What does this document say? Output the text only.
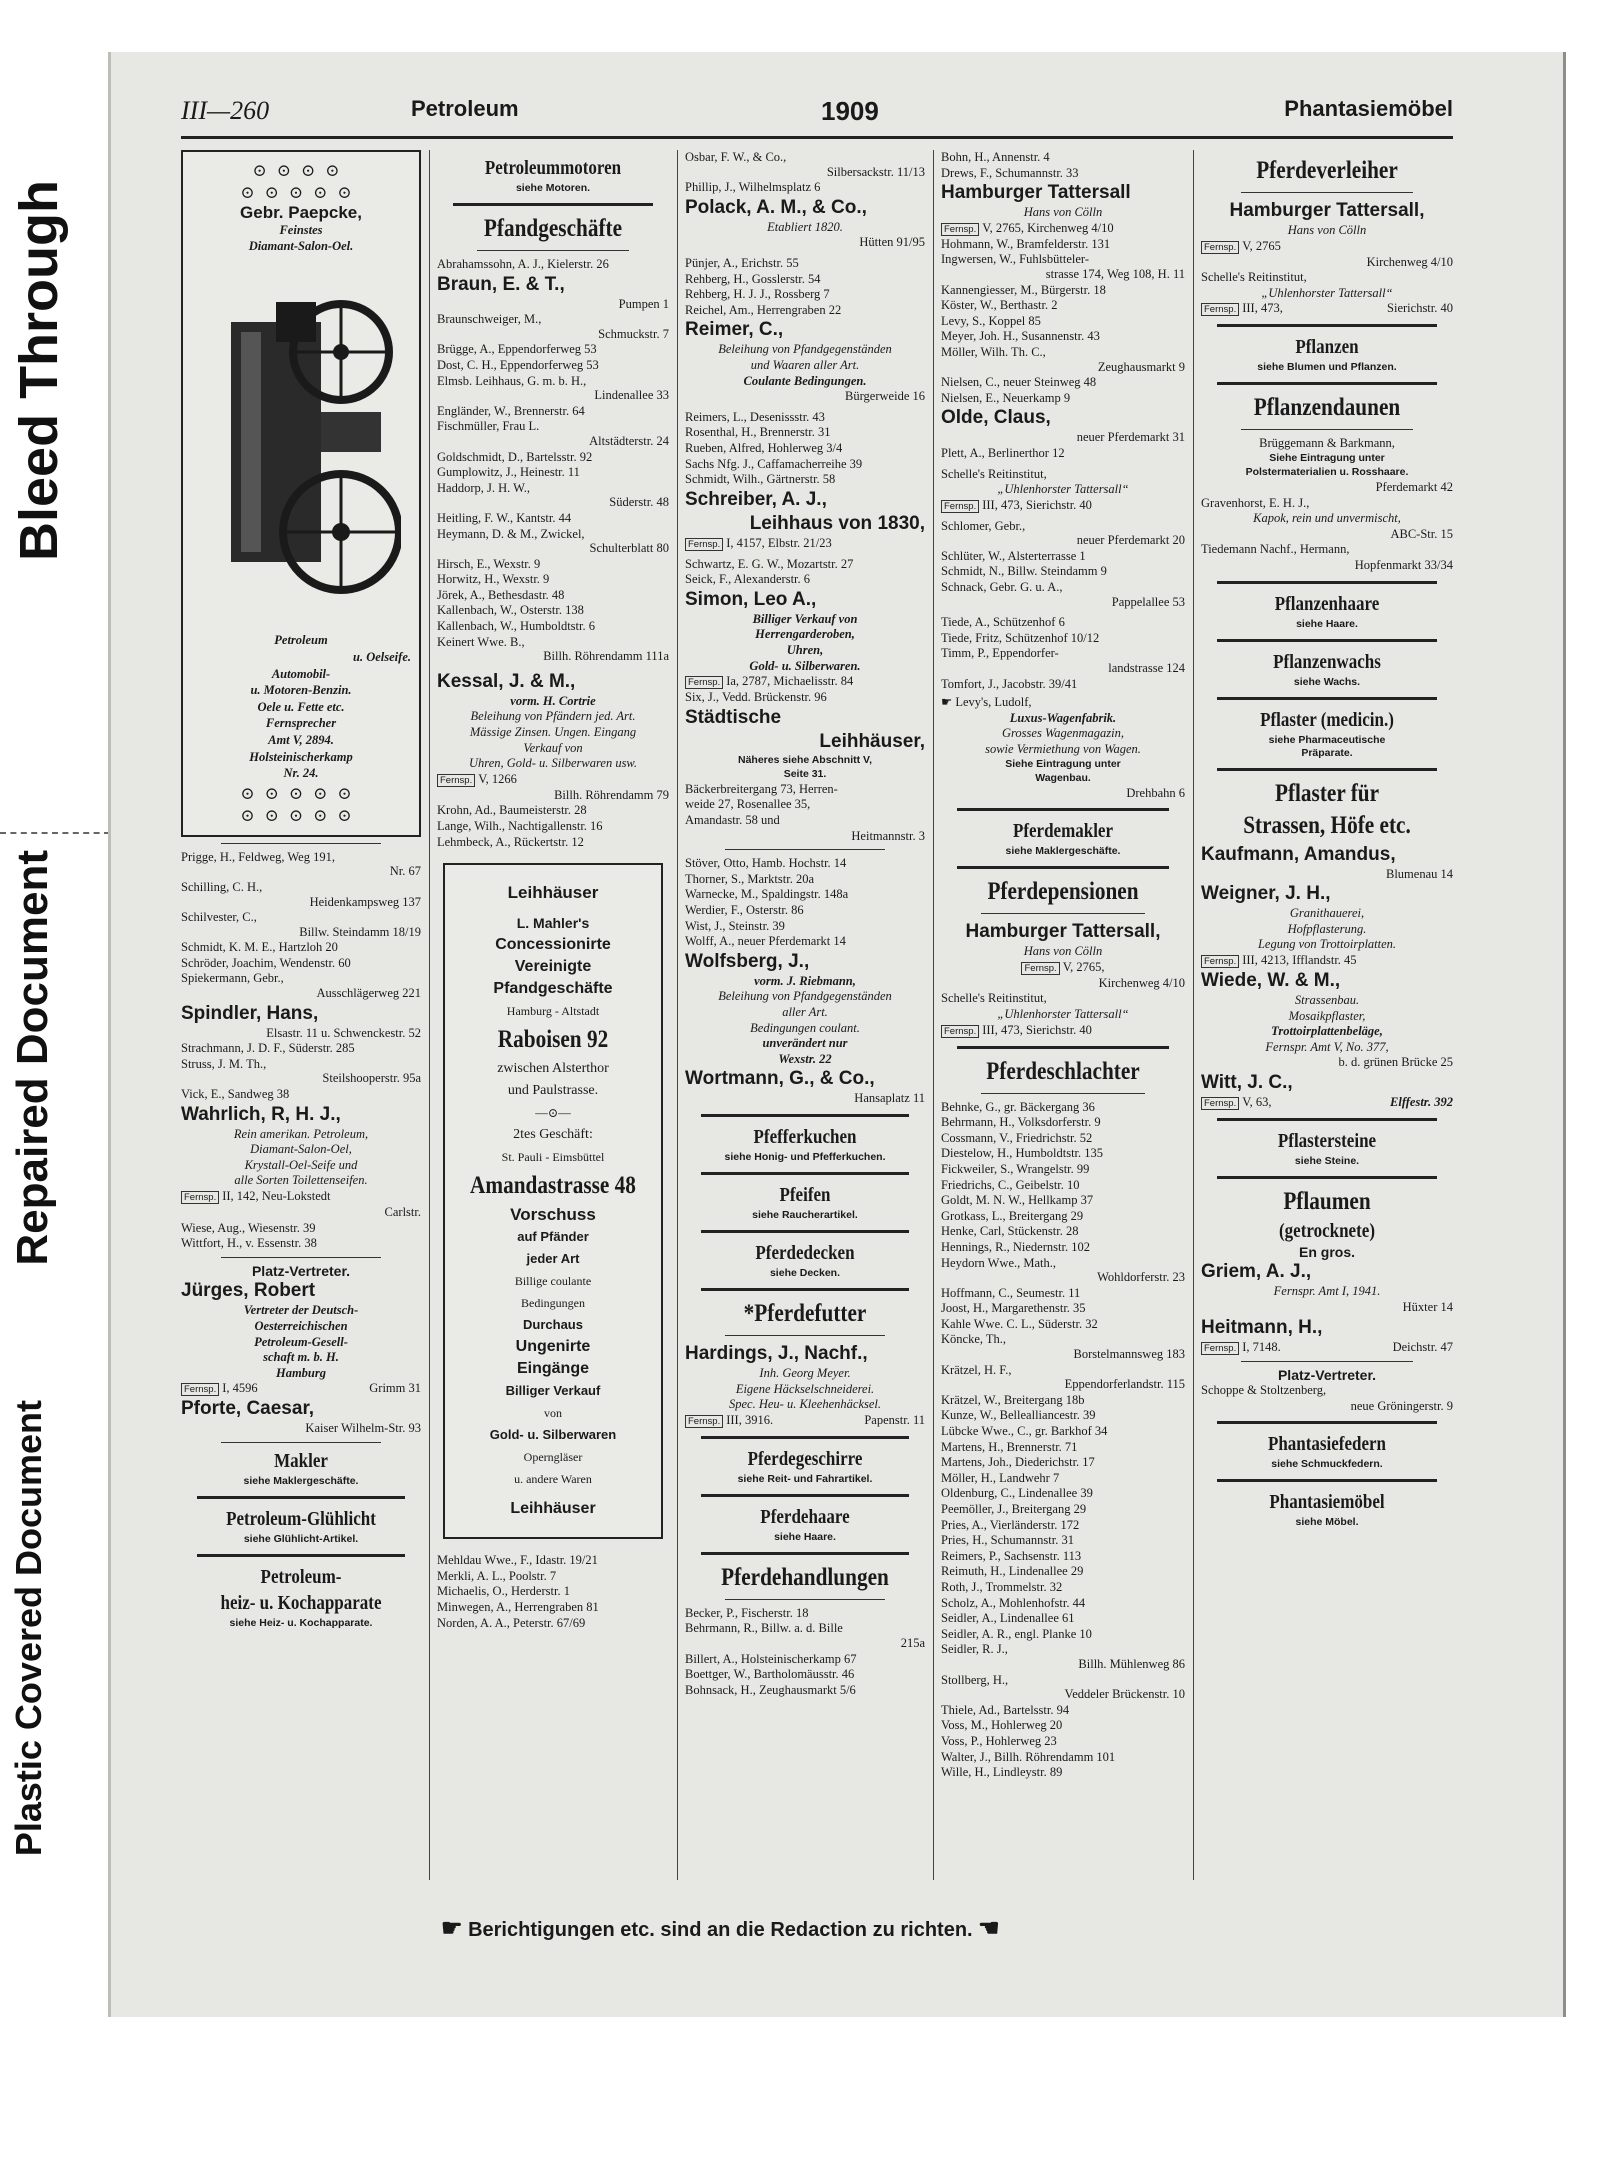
Bleed Through
Repaired Document
Plastic Covered Document
III—260	Petroleum	1909	Phantasiemöbel
⊙⊙⊙⊙
⊙⊙⊙⊙⊙

Gebr. Paepcke,

Feinstes

Diamant-Salon-Oel.

Petroleum

u. Oelseife.

Automobil-

u. Motoren-Benzin.

Oele u. Fette etc.

Fernsprecher

Amt V, 2894.

Holsteinischerkamp

Nr. 24.

⊙⊙⊙⊙⊙
⊙⊙⊙⊙⊙
Prigge, H., Feldweg, Weg 191,
Nr. 67
Schilling, C. H.,
Heidenkampsweg 137
Schilvester, C.,
Billw. Steindamm 18/19
Schmidt, K. M. E., Hartzloh 20
Schröder, Joachim, Wendenstr. 60
Spiekermann, Gebr.,
Ausschlägerweg 221
Spindler, Hans,
Elsastr. 11 u. Schwenckestr. 52
Strachmann, J. D. F., Süderstr. 285
Struss, J. M. Th.,
Steilshooperstr. 95a
Vick, E., Sandweg 38
Wahrlich, R, H. J.,
Rein amerikan. Petroleum,
Diamant-Salon-Oel,
Krystall-Oel-Seife und
alle Sorten Toilettenseifen.
Fernsp. II, 142, Neu-Lokstedt
Carlstr.
Wiese, Aug., Wiesenstr. 39
Wittfort, H., v. Essenstr. 38
Platz-Vertreter.
Jürges, Robert
Vertreter der Deutsch-
Oesterreichischen
Petroleum-Gesell-
schaft m. b. H.
Hamburg
Fernsp. I, 4596	Grimm 31
Pforte, Caesar,
Kaiser Wilhelm-Str. 93
Makler
siehe Maklergeschäfte.
Petroleum-Glühlicht
siehe Glühlicht-Artikel.
Petroleum-
heiz- u. Kochapparate
siehe Heiz- u. Kochapparate.
Petroleummotoren
siehe Motoren.
Pfandgeschäfte
Abrahamssohn, A. J., Kielerstr. 26
Braun, E. & T.,
Pumpen 1
Braunschweiger, M.,
Schmuckstr. 7
Brügge, A., Eppendorferweg 53
Dost, C. H., Eppendorferweg 53
Elmsb. Leihhaus, G. m. b. H.,
Lindenallee 33
Engländer, W., Brennerstr. 64
Fischmüller, Frau L.
Altstädterstr. 24
Goldschmidt, D., Bartelsstr. 92
Gumplowitz, J., Heinestr. 11
Haddorp, J. H. W.,
Süderstr. 48
Heitling, F. W., Kantstr. 44
Heymann, D. & M., Zwickel,
Schulterblatt 80
Hirsch, E., Wexstr. 9
Horwitz, H., Wexstr. 9
Jörek, A., Bethesdastr. 48
Kallenbach, W., Osterstr. 138
Kallenbach, W., Humboldtstr. 6
Keinert Wwe. B.,
Billh. Röhrendamm 111a
Kessal, J. & M.,
vorm. H. Cortrie
Beleihung von Pfändern jed. Art.
Mässige Zinsen. Ungen. Eingang
Verkauf von
Uhren, Gold- u. Silberwaren usw.
Fernsp. V, 1266
Billh. Röhrendamm 79
Krohn, Ad., Baumeisterstr. 28
Lange, Wilh., Nachtigallenstr. 16
Lehmbeck, A., Rückertstr. 12

Leihhäuser

L. Mahler's

Concessionirte

Vereinigte

Pfandgeschäfte

Hamburg - Altstadt

Raboisen 92

zwischen Alsterthor

und Paulstrasse.

—⊙—

2tes Geschäft:

St. Pauli - Eimsbüttel

Amandastrasse 48

Vorschuss

auf Pfänder

jeder Art

Billige coulante

Bedingungen

Durchaus

Ungenirte

Eingänge

Billiger Verkauf

von

Gold- u. Silberwaren

Operngläser

u. andere Waren

Leihhäuser

Mehldau Wwe., F., Idastr. 19/21
Merkli, A. L., Poolstr. 7
Michaelis, O., Herderstr. 1
Minwegen, A., Herrengraben 81
Norden, A. A., Peterstr. 67/69
Osbar, F. W., & Co.,
Silbersackstr. 11/13
Phillip, J., Wilhelmsplatz 6
Polack, A. M., & Co.,
Etabliert 1820.
Hütten 91/95
Pünjer, A., Erichstr. 55
Rehberg, H., Gosslerstr. 54
Rehberg, H. J. J., Rossberg 7
Reichel, Am., Herrengraben 22
Reimer, C.,
Beleihung von Pfandgegenständen
und Waaren aller Art.
Coulante Bedingungen.
Bürgerweide 16
Reimers, L., Desenissstr. 43
Rosenthal, H., Brennerstr. 31
Rueben, Alfred, Hohlerweg 3/4
Sachs Nfg. J., Caffamacherreihe 39
Schmidt, Wilh., Gärtnerstr. 58
Schreiber, A. J.,
Leihhaus von 1830,
Fernsp. I, 4157, Elbstr. 21/23
Schwartz, E. G. W., Mozartstr. 27
Seick, F., Alexanderstr. 6
Simon, Leo A.,
Billiger Verkauf von
Herrengarderoben,
Uhren,
Gold- u. Silberwaren.
Fernsp. Ia, 2787, Michaelisstr. 84
Six, J., Vedd. Brückenstr. 96
Städtische
Leihhäuser,
Näheres siehe Abschnitt V,
Seite 31.
Bäckerbreitergang 73, Herren-
weide 27, Rosenallee 35,
Amandastr. 58 und
Heitmannstr. 3
Stöver, Otto, Hamb. Hochstr. 14
Thorner, S., Marktstr. 20a
Warnecke, M., Spaldingstr. 148a
Werdier, F., Osterstr. 86
Wist, J., Steinstr. 39
Wolff, A., neuer Pferdemarkt 14
Wolfsberg, J.,
vorm. J. Riebmann,
Beleihung von Pfandgegenständen
aller Art.
Bedingungen coulant.
unverändert nur
Wexstr. 22
Wortmann, G., & Co.,
Hansaplatz 11
Pfefferkuchen
siehe Honig- und Pfefferkuchen.
Pfeifen
siehe Raucherartikel.
Pferdedecken
siehe Decken.
*Pferdefutter
Hardings, J., Nachf.,
Inh. Georg Meyer.
Eigene Häckselschneiderei.
Spec. Heu- u. Kleehenhäcksel.
Fernsp. III, 3916.	Papenstr. 11
Pferdegeschirre
siehe Reit- und Fahrartikel.
Pferdehaare
siehe Haare.
Pferdehandlungen
Becker, P., Fischerstr. 18
Behrmann, R., Billw. a. d. Bille
215a
Billert, A., Holsteinischerkamp 67
Boettger, W., Bartholomäusstr. 46
Bohnsack, H., Zeughausmarkt 5/6
Bohn, H., Annenstr. 4
Drews, F., Schumannstr. 33
Hamburger Tattersall
Hans von Cölln
Fernsp. V, 2765, Kirchenweg 4/10
Hohmann, W., Bramfelderstr. 131
Ingwersen, W., Fuhlsbütteler-
strasse 174, Weg 108, H. 11
Kannengiesser, M., Bürgerstr. 18
Köster, W., Berthastr. 2
Levy, S., Koppel 85
Meyer, Joh. H., Susannenstr. 43
Möller, Wilh. Th. C.,
Zeughausmarkt 9
Nielsen, C., neuer Steinweg 48
Nielsen, E., Neuerkamp 9
Olde, Claus,
neuer Pferdemarkt 31
Plett, A., Berlinerthor 12
Schelle's Reitinstitut,
„Uhlenhorster Tattersall“
Fernsp. III, 473, Sierichstr. 40
Schlomer, Gebr.,
neuer Pferdemarkt 20
Schlüter, W., Alsterterrasse 1
Schmidt, N., Billw. Steindamm 9
Schnack, Gebr. G. u. A.,
Pappelallee 53
Tiede, A., Schützenhof 6
Tiede, Fritz, Schützenhof 10/12
Timm, P., Eppendorfer-
landstrasse 124
Tomfort, J., Jacobstr. 39/41
☛ Levy's, Ludolf,
Luxus-Wagenfabrik.
Grosses Wagenmagazin,
sowie Vermiethung von Wagen.
Siehe Eintragung unter
Wagenbau.
Drehbahn 6
Pferdemakler
siehe Maklergeschäfte.
Pferdepensionen
Hamburger Tattersall,
Hans von Cölln
Fernsp. V, 2765,
Kirchenweg 4/10
Schelle's Reitinstitut,
„Uhlenhorster Tattersall“
Fernsp. III, 473, Sierichstr. 40
Pferdeschlachter
Behnke, G., gr. Bäckergang 36
Behrmann, H., Volksdorferstr. 9
Cossmann, V., Friedrichstr. 52
Diestelow, H., Humboldtstr. 135
Fickweiler, S., Wrangelstr. 99
Friedrichs, C., Geibelstr. 10
Goldt, M. N. W., Hellkamp 37
Grotkass, L., Breitergang 29
Henke, Carl, Stückenstr. 28
Hennings, R., Niedernstr. 102
Heydorn Wwe., Math.,
Wohldorferstr. 23
Hoffmann, C., Seumestr. 11
Joost, H., Margarethenstr. 35
Kahle Wwe. C. L., Süderstr. 32
Köncke, Th.,
Borstelmannsweg 183
Krätzel, H. F.,
Eppendorferlandstr. 115
Krätzel, W., Breitergang 18b
Kunze, W., Bellealliancestr. 39
Lübcke Wwe., C., gr. Barkhof 34
Martens, H., Brennerstr. 71
Martens, Joh., Diederichstr. 17
Möller, H., Landwehr 7
Oldenburg, C., Lindenallee 39
Peemöller, J., Breitergang 29
Pries, A., Vierländerstr. 172
Pries, H., Schumannstr. 31
Reimers, P., Sachsenstr. 113
Reimuth, H., Lindenallee 29
Roth, J., Trommelstr. 32
Scholz, A., Mohlenhofstr. 44
Seidler, A., Lindenallee 61
Seidler, A. R., engl. Planke 10
Seidler, R. J.,
Billh. Mühlenweg 86
Stollberg, H.,
Veddeler Brückenstr. 10
Thiele, Ad., Bartelsstr. 94
Voss, M., Hohlerweg 20
Voss, P., Hohlerweg 23
Walter, J., Billh. Röhrendamm 101
Wille, H., Lindleystr. 89
Pferdeverleiher
Hamburger Tattersall,
Hans von Cölln
Fernsp. V, 2765
Kirchenweg 4/10
Schelle's Reitinstitut,
„Uhlenhorster Tattersall“
Fernsp. III, 473,	Sierichstr. 40
Pflanzen
siehe Blumen und Pflanzen.
Pflanzendaunen
Brüggemann & Barkmann,
Siehe Eintragung unter
Polstermaterialien u. Rosshaare.
Pferdemarkt 42
Gravenhorst, E. H. J.,
Kapok, rein und unvermischt,
ABC-Str. 15
Tiedemann Nachf., Hermann,
Hopfenmarkt 33/34
Pflanzenhaare
siehe Haare.
Pflanzenwachs
siehe Wachs.
Pflaster (medicin.)
siehe Pharmaceutische
Präparate.
Pflaster für
Strassen, Höfe etc.
Kaufmann, Amandus,
Blumenau 14
Weigner, J. H.,
Granithauerei,
Hofpflasterung.
Legung von Trottoirplatten.
Fernsp. III, 4213, Ifflandstr. 45
Wiede, W. & M.,
Strassenbau.
Mosaikpflaster,
Trottoirplattenbeläge,
Fernspr. Amt V, No. 377,
b. d. grünen Brücke 25
Witt, J. C.,
Fernsp. V, 63,	Elffestr. 392
Pflastersteine
siehe Steine.
Pflaumen
(getrocknete)
En gros.
Griem, A. J.,
Fernspr. Amt I, 1941.
Hüxter 14
Heitmann, H.,
Fernsp. I, 7148.	Deichstr. 47
Platz-Vertreter.
Schoppe & Stoltzenberg,
neue Gröningerstr. 9
Phantasiefedern
siehe Schmuckfedern.
Phantasiemöbel
siehe Möbel.
☛ Berichtigungen etc. sind an die Redaction zu richten. ☚
